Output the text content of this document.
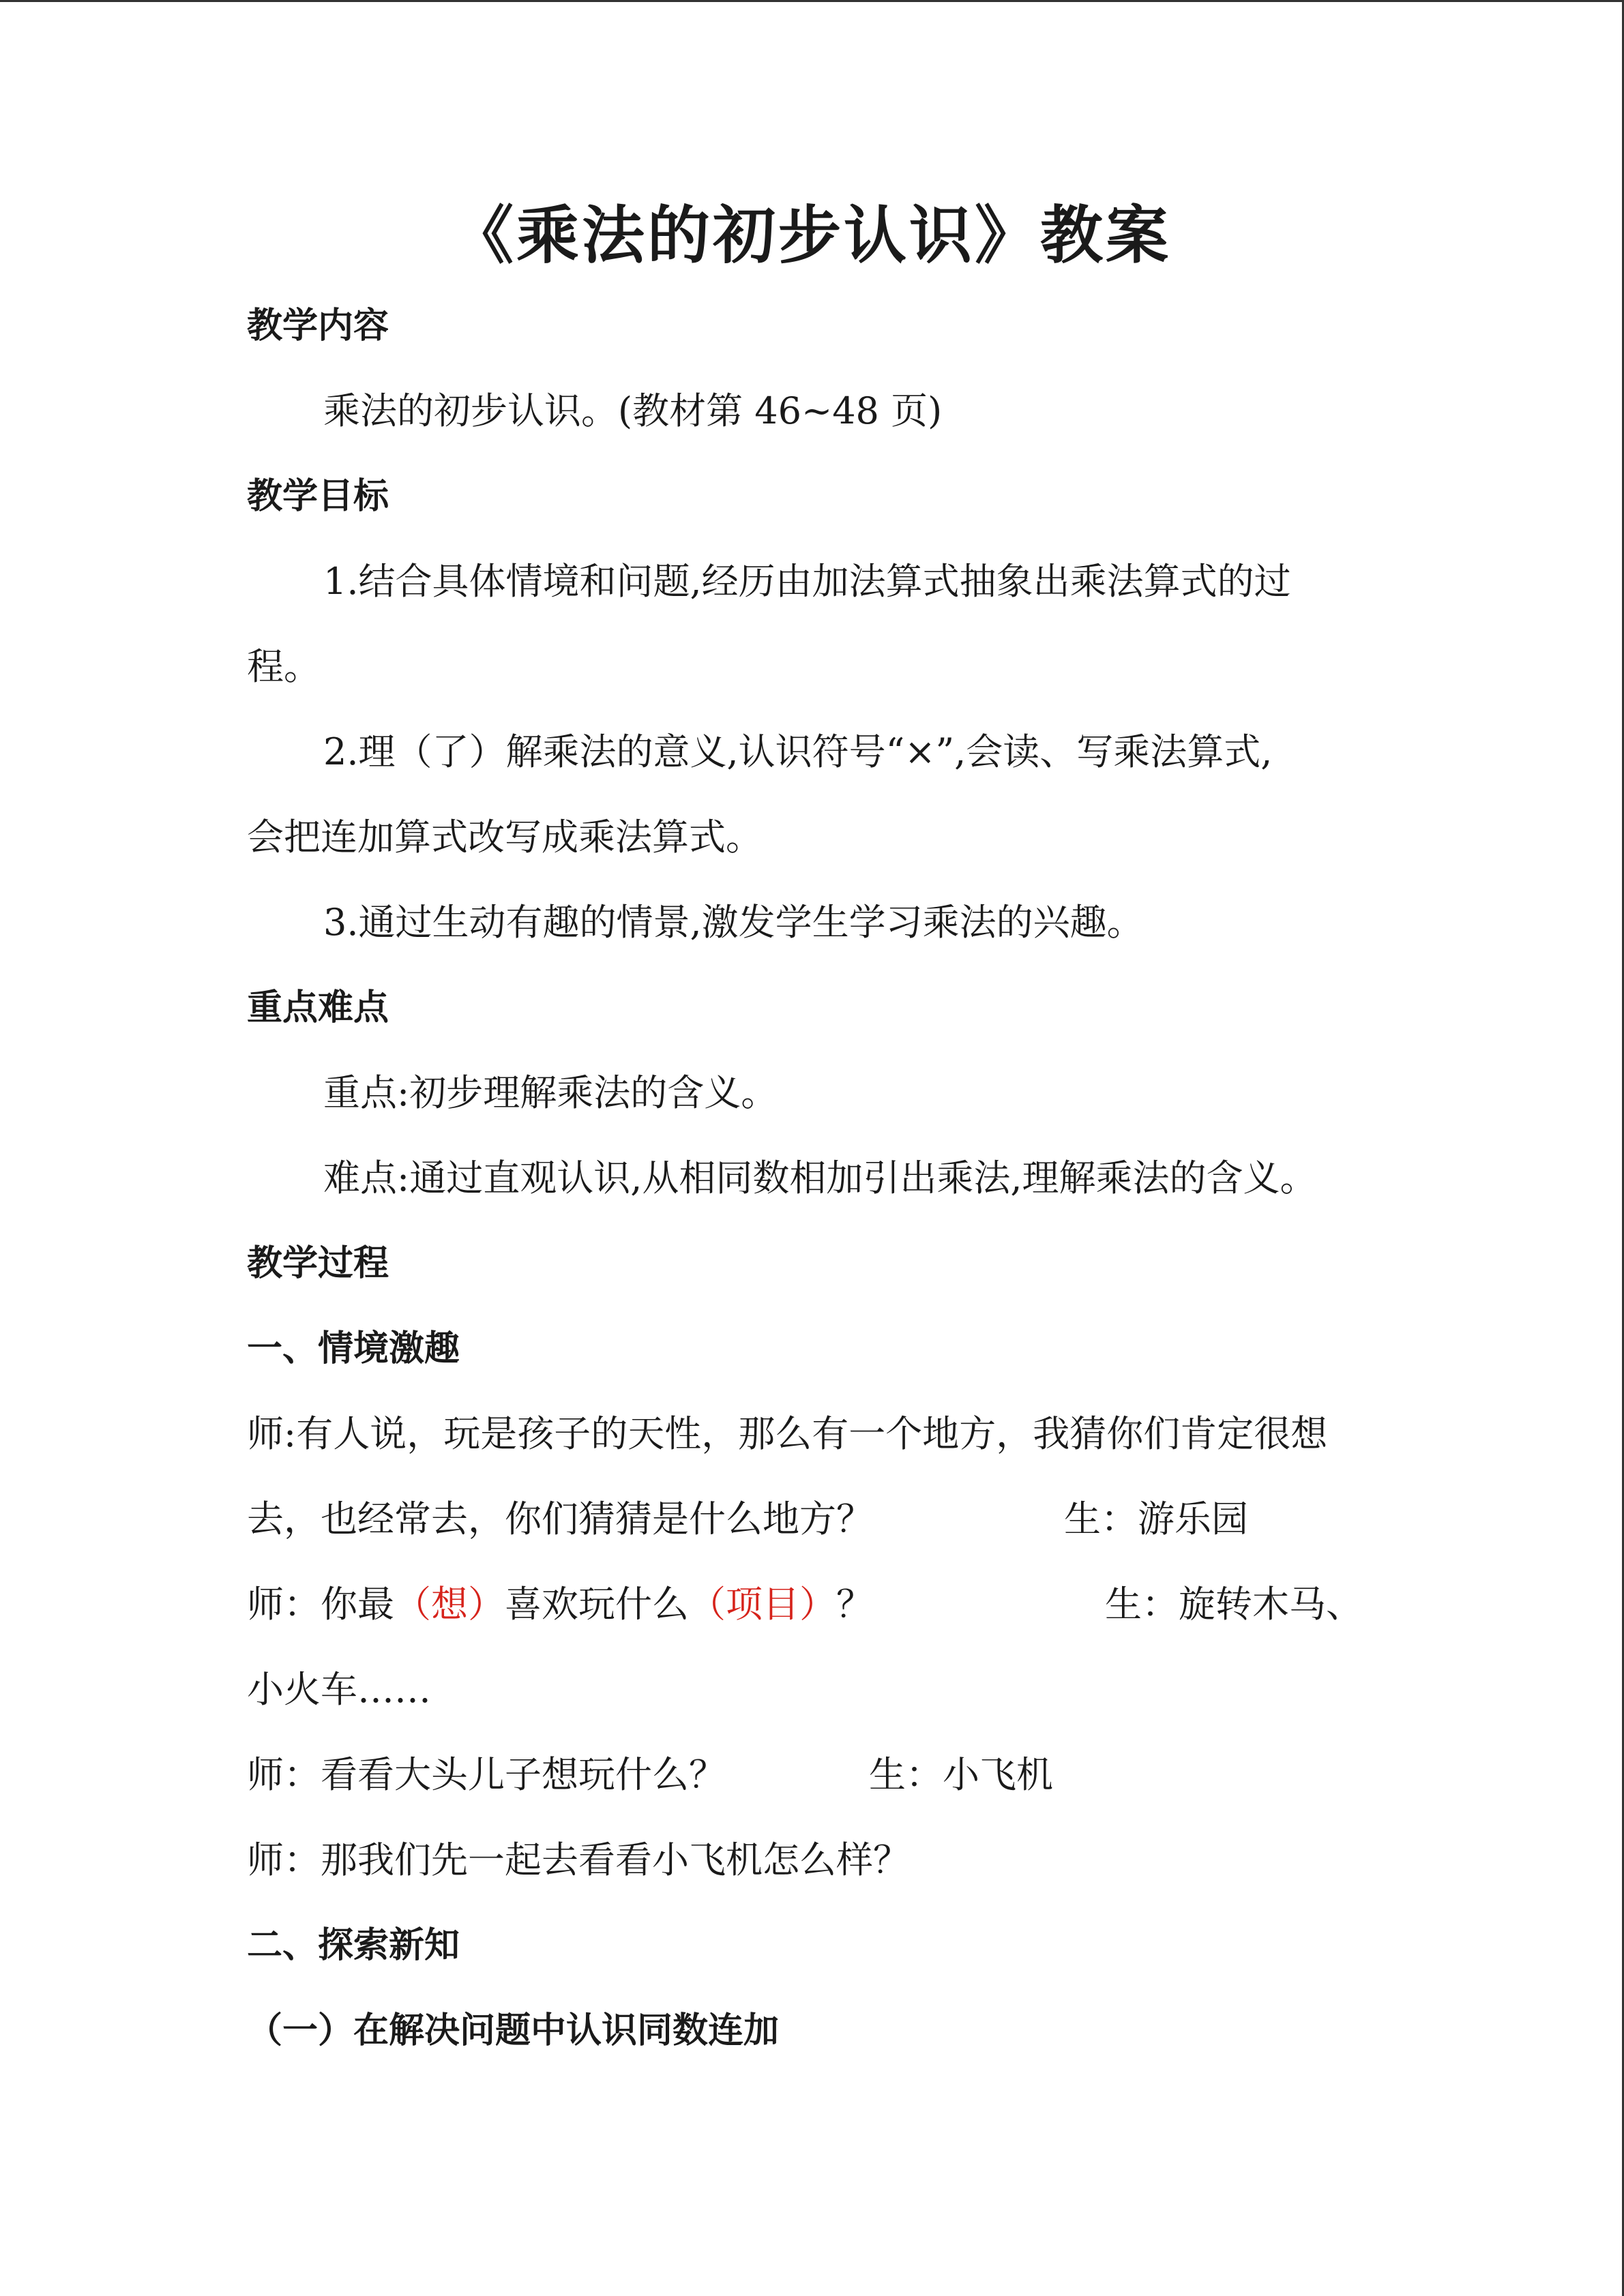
《乘法的初步认识》教案
教学内容
乘法的初步认识。(教材第 46~48 页)
教学目标
1.结合具体情境和问题,经历由加法算式抽象出乘法算式的过
程。
2.理（了）解乘法的意义,认识符号“×”,会读、写乘法算式,
会把连加算式改写成乘法算式。
3.通过生动有趣的情景,激发学生学习乘法的兴趣。
重点难点
重点:初步理解乘法的含义。
难点:通过直观认识,从相同数相加引出乘法,理解乘法的含义。
教学过程
一、情境激趣
师:有人说，玩是孩子的天性，那么有一个地方，我猜你们肯定很想
去，也经常去，你们猜猜是什么地方？	生：游乐园
师：你最（想）喜欢玩什么（项目）？	生：旋转木马、
小火车……
师：看看大头儿子想玩什么？	生：小飞机
师：那我们先一起去看看小飞机怎么样？
二、探索新知
（一）在解决问题中认识同数连加
